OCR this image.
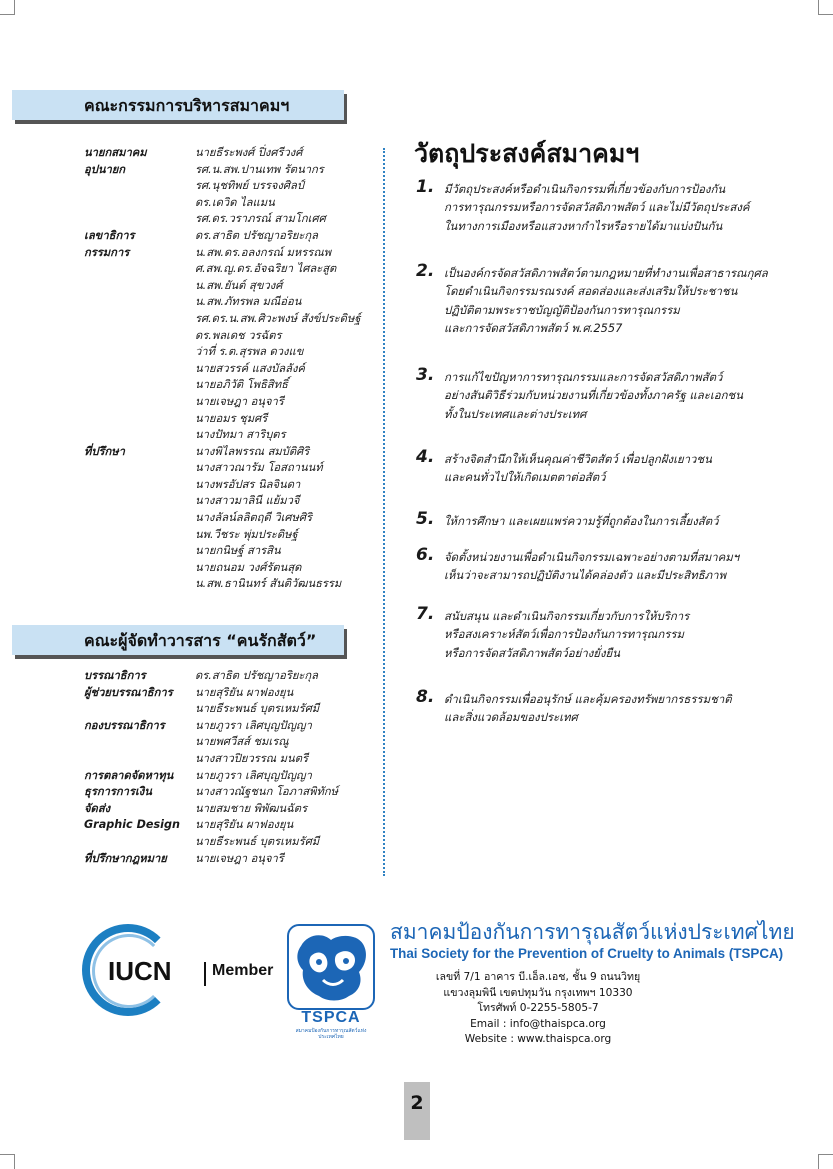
คณะกรรมการบริหารสมาคมฯ
นายกสมาคม	นายธีระพงศ์ ปิ่งศรีวงศ์
อุปนายก	รศ.น.สพ.ปานเทพ รัตนากร
รศ.นุชทิพย์ บรรจงศิลป์
ดร.เดวิด ไลแมน
รศ.ดร.วราภรณ์ สามโกเศศ
เลขาธิการ	ดร.สาธิต ปรัชญาอริยะกุล
กรรมการ	น.สพ.ดร.อลงกรณ์ มหรรณพ
ศ.สพ.ญ.ดร.อัจฉริยา ไศละสูต
น.สพ.ยันต์ สุขวงศ์
น.สพ.ภัทรพล มณีอ่อน
รศ.ดร.น.สพ.ศิวะพงษ์ สังข์ประดิษฐ์
ดร.พลเดช วรฉัตร
ว่าที่ ร.ต.สุรพล ดวงแข
นายสวรรค์ แสงบัลลังค์
นายอภิวัติ โพธิสิทธิ์
นายเจษฎา อนุจารี
นายอมร ชุมศรี
นางปัทมา สาริบุตร
ที่ปรึกษา	นางพิไลพรรณ สมบัติศิริ
นางสาวณารัม โอสถานนท์
นางพรอัปสร นิลจินดา
นางสาวมาลินี แย้มวจี
นางลัลน์ลลิตฤดี วิเศษศิริ
นพ.วีชระ พุ่มประดิษฐ์
นายกนิษฐ์ สารสิน
นายถนอม วงศ์รัตนสุด
น.สพ.ธานินทร์ สันติวัฒนธรรม
คณะผู้จัดทำวารสาร “คนรักสัตว์”
บรรณาธิการ	ดร.สาธิต ปรัชญาอริยะกุล
ผู้ช่วยบรรณาธิการ	นายสุริยัน ผาฟองยุน
นายธีระพนธ์ บุตรเหมรัศมี
กองบรรณาธิการ	นายภูวรา เลิศบุญปัญญา
นายพศวีสส์ ชมเรณู
นางสาวปิยวรรณ มนตรี
การตลาดจัดหาทุน	นายภูวรา เลิศบุญปัญญา
ธุรการการเงิน	นางสาวณัฐชนก โอภาสพิทักษ์
จัดส่ง	นายสมชาย พิพัฒนฉัตร
Graphic Design	นายสุริยัน ผาฟองยุน
นายธีระพนธ์ บุตรเหมรัศมี
ที่ปรึกษากฎหมาย	นายเจษฎา อนุจารี
วัตถุประสงค์สมาคมฯ
1. มีวัตถุประสงค์หรือดำเนินกิจกรรมที่เกี่ยวข้องกับการป้องกัน
การทารุณกรรมหรือการจัดสวัสดิภาพสัตว์ และไม่มีวัตถุประสงค์
ในทางการเมืองหรือแสวงหากำไรหรือรายได้มาแบ่งปันกัน
2. เป็นองค์กรจัดสวัสดิภาพสัตว์ตามกฎหมายที่ทำงานเพื่อสาธารณกุศล
โดยดำเนินกิจกรรมรณรงค์ สอดส่องและส่งเสริมให้ประชาชน
ปฏิบัติตามพระราชบัญญัติป้องกันการทารุณกรรม
และการจัดสวัสดิภาพสัตว์ พ.ศ.2557
3. การแก้ไขปัญหาการทารุณกรรมและการจัดสวัสดิภาพสัตว์
อย่างสันติวิธีร่วมกับหน่วยงานที่เกี่ยวข้องทั้งภาครัฐ และเอกชน
ทั้งในประเทศและต่างประเทศ
4. สร้างจิตสำนึกให้เห็นคุณค่าชีวิตสัตว์ เพื่อปลูกฝังเยาวชน
และคนทั่วไปให้เกิดเมตตาต่อสัตว์
5. ให้การศึกษา และเผยแพร่ความรู้ที่ถูกต้องในการเลี้ยงสัตว์
6. จัดตั้งหน่วยงานเพื่อดำเนินกิจกรรมเฉพาะอย่างตามที่สมาคมฯ
เห็นว่าจะสามารถปฏิบัติงานได้คล่องตัว และมีประสิทธิภาพ
7. สนับสนุน และดำเนินกิจกรรมเกี่ยวกับการให้บริการ
หรือสงเคราะห์สัตว์เพื่อการป้องกันการทารุณกรรม
หรือการจัดสวัสดิภาพสัตว์อย่างยั่งยืน
8. ดำเนินกิจกรรมเพื่ออนุรักษ์ และคุ้มครองทรัพยากรธรรมชาติ
และสิ่งแวดล้อมของประเทศ
IUCN	Member
TSPCA
สมาคมป้องกันการทารุณสัตว์แห่งประเทศไทย
สมาคมป้องกันการทารุณสัตว์แห่งประเทศไทย
Thai Society for the Prevention of Cruelty to Animals (TSPCA)
เลขที่ 7/1 อาคาร บี.เอ็ล.เอช, ชั้น 9 ถนนวิทยุ
แขวงลุมพินี เขตปทุมวัน กรุงเทพฯ 10330
โทรศัพท์ 0-2255-5805-7
Email : info@thaispca.org
Website : www.thaispca.org
2
